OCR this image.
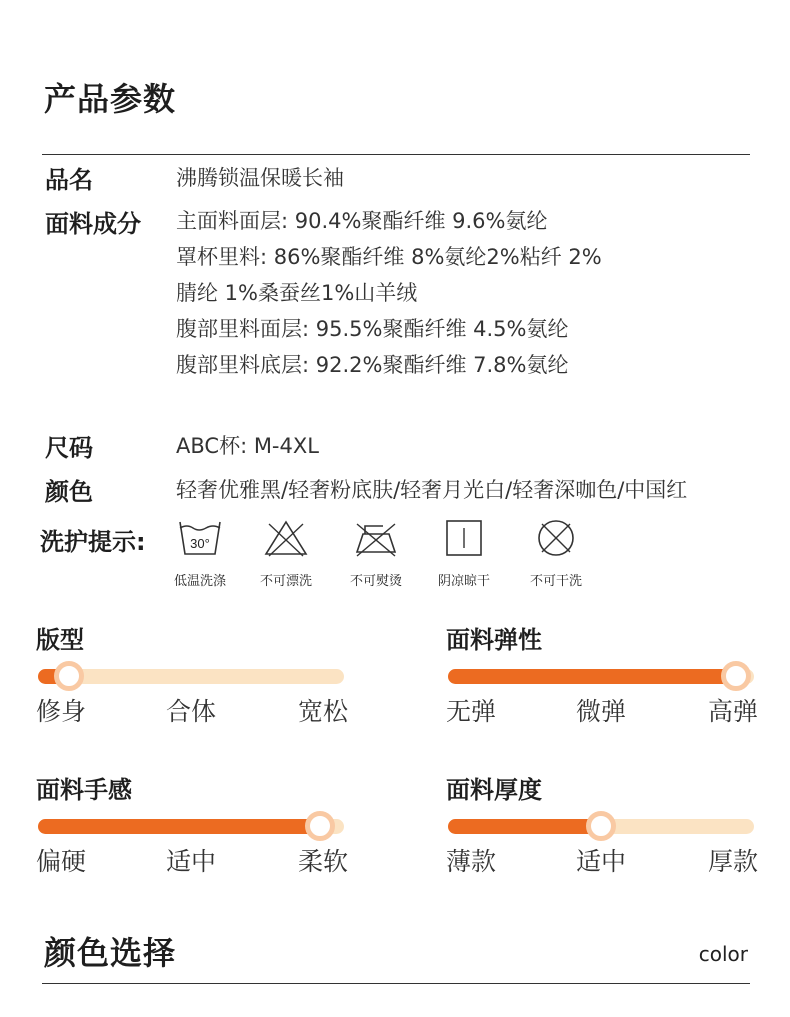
产品参数
品名	沸腾锁温保暖长袖
面料成分 主面料面层: 90.4%聚酯纤维 9.6%氨纶
罩杯里料: 86%聚酯纤维 8%氨纶2%粘纤 2%
腈纶 1%桑蚕丝1%山羊绒
腹部里料面层: 95.5%聚酯纤维 4.5%氨纶
腹部里料底层: 92.2%聚酯纤维 7.8%氨纶
尺码	ABC杯: M-4XL
颜色	轻奢优雅黑/轻奢粉底肤/轻奢月光白/轻奢深咖色/中国红
洗护提示:	30°
低温洗涤	不可漂洗	不可熨烫	阴凉晾干	不可干洗
版型
修身	合体	宽松
面料弹性
无弹	微弹	高弹
面料手感
偏硬	适中	柔软
面料厚度
薄款	适中	厚款
颜色选择	color
